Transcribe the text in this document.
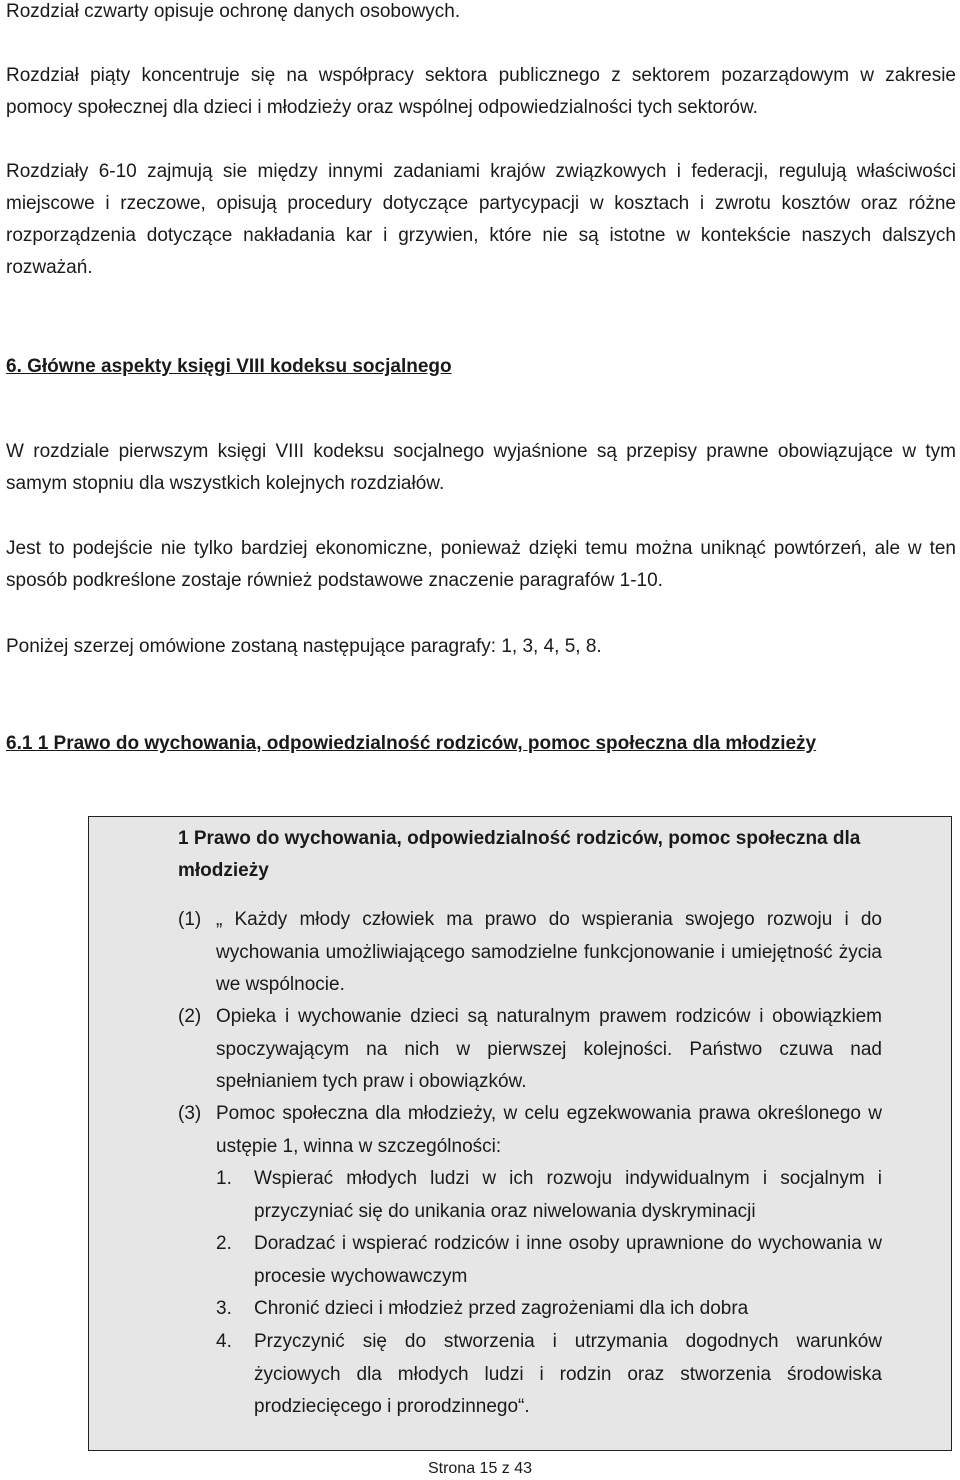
Rozdział czwarty opisuje ochronę danych osobowych.

Rozdział piąty koncentruje się na współpracy sektora publicznego z sektorem pozarządowym w zakresie pomocy społecznej dla dzieci i młodzieży oraz wspólnej odpowiedzialności tych sektorów.

Rozdziały 6-10 zajmują sie między innymi zadaniami krajów związkowych i federacji, regulują właściwości miejscowe i rzeczowe, opisują procedury dotyczące partycypacji w kosztach i zwrotu kosztów oraz różne rozporządzenia dotyczące nakładania kar i grzywien, które nie są istotne w kontekście naszych dalszych rozważań.

6. Główne aspekty księgi VIII kodeksu socjalnego

W rozdziale pierwszym księgi VIII kodeksu socjalnego wyjaśnione są przepisy prawne obowiązujące w tym samym stopniu dla wszystkich kolejnych rozdziałów.

Jest to podejście nie tylko bardziej ekonomiczne, ponieważ dzięki temu można uniknąć powtórzeń, ale w ten sposób podkreślone zostaje również podstawowe znaczenie paragrafów 1-10.

Poniżej szerzej omówione zostaną następujące paragrafy: 1, 3, 4, 5, 8.

6.1 1 Prawo do wychowania, odpowiedzialność rodziców, pomoc społeczna dla młodzieży
1 Prawo do wychowania, odpowiedzialność rodziców, pomoc społeczna dla młodzieży
(1) „ Każdy młody człowiek ma prawo do wspierania swojego rozwoju i do wychowania umożliwiającego samodzielne funkcjonowanie i umiejętność życia we wspólnocie.
(2) Opieka i wychowanie dzieci są naturalnym prawem rodziców i obowiązkiem spoczywającym na nich w pierwszej kolejności. Państwo czuwa nad spełnianiem tych praw i obowiązków.
(3) Pomoc społeczna dla młodzieży, w celu egzekwowania prawa określonego w ustępie 1, winna w szczególności:
1. Wspierać młodych ludzi w ich rozwoju indywidualnym i socjalnym i przyczyniać się do unikania oraz niwelowania dyskryminacji
2. Doradzać i wspierać rodziców i inne osoby uprawnione do wychowania w procesie wychowawczym
3. Chronić dzieci i młodzież przed zagrożeniami dla ich dobra
4. Przyczynić się do stworzenia i utrzymania dogodnych warunków życiowych dla młodych ludzi i rodzin oraz stworzenia środowiska prodziecięcego i prorodzinnego“.
Strona 15 z 43
